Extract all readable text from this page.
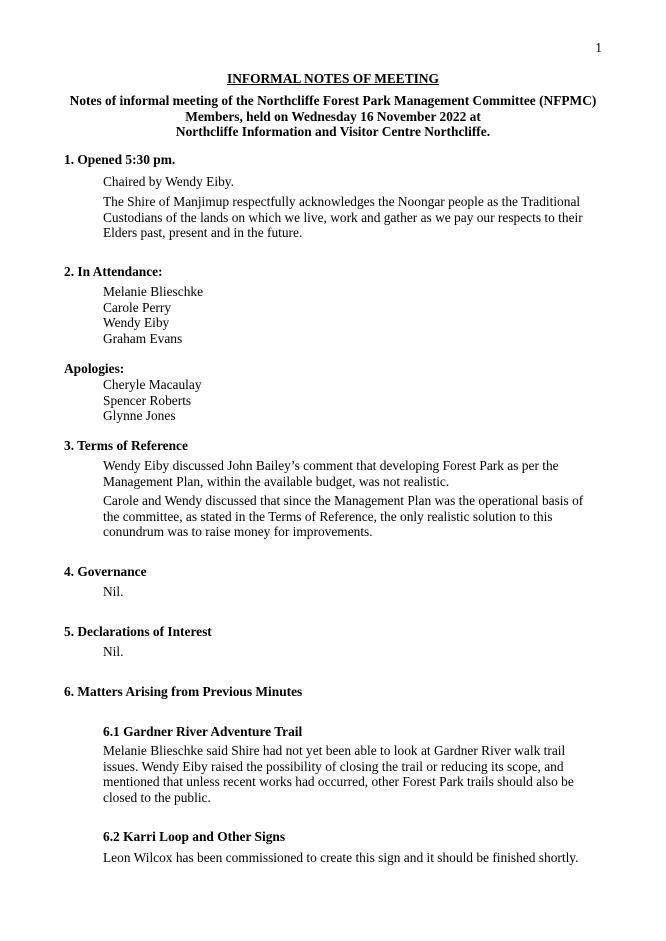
1
INFORMAL NOTES OF MEETING
Notes of informal meeting of the Northcliffe Forest Park Management Committee (NFPMC)
Members, held on Wednesday 16 November 2022 at
Northcliffe Information and Visitor Centre Northcliffe.
1. Opened 5:30 pm.
Chaired by Wendy Eiby.
The Shire of Manjimup respectfully acknowledges the Noongar people as the Traditional Custodians of the lands on which we live, work and gather as we pay our respects to their Elders past, present and in the future.
2. In Attendance:
Melanie Blieschke
Carole Perry
Wendy Eiby
Graham Evans
Apologies:
Cheryle Macaulay
Spencer Roberts
Glynne Jones
3. Terms of Reference
Wendy Eiby discussed John Bailey’s comment that developing Forest Park as per the Management Plan, within the available budget, was not realistic.
Carole and Wendy discussed that since the Management Plan was the operational basis of the committee, as stated in the Terms of Reference, the only realistic solution to this conundrum was to raise money for improvements.
4. Governance
Nil.
5. Declarations of Interest
Nil.
6. Matters Arising from Previous Minutes
6.1 Gardner River Adventure Trail
Melanie Blieschke said Shire had not yet been able to look at Gardner River walk trail issues. Wendy Eiby raised the possibility of closing the trail or reducing its scope, and mentioned that unless recent works had occurred, other Forest Park trails should also be closed to the public.
6.2 Karri Loop and Other Signs
Leon Wilcox has been commissioned to create this sign and it should be finished shortly.
